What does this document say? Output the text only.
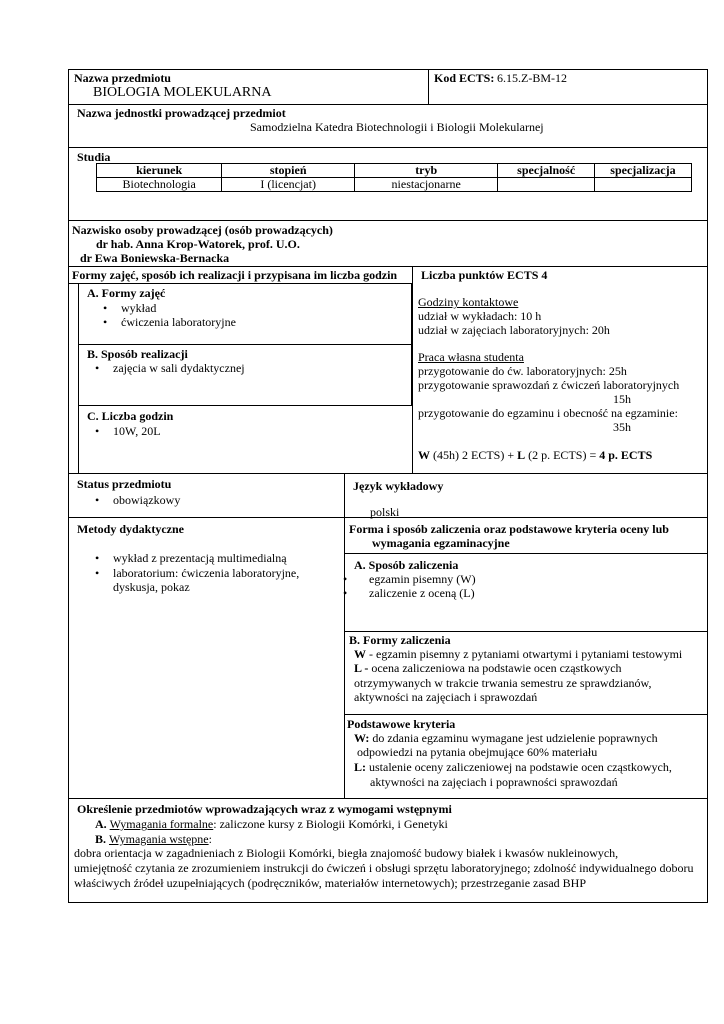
Nazwa przedmiotu
BIOLOGIA MOLEKULARNA
Kod ECTS: 6.15.Z-BM-12
Nazwa jednostki prowadzącej przedmiot
Samodzielna Katedra Biotechnologii i Biologii Molekularnej
Studia
kierunek	stopień	tryb	specjalność	specjalizacja
Biotechnologia	I (licencjat)	niestacjonarne		
Nazwisko osoby prowadzącej (osób prowadzących)
dr hab. Anna Krop-Watorek, prof. U.O.
dr Ewa Boniewska-Bernacka
Formy zajęć, sposób ich realizacji i przypisana im liczba godzin
A. Formy zajęć
• wykład
• ćwiczenia laboratoryjne
B. Sposób realizacji
• zajęcia w sali dydaktycznej
C. Liczba godzin
• 10W, 20L
Liczba punktów ECTS 4
Godziny kontaktowe
udział w wykładach: 10 h
udział w zajęciach laboratoryjnych: 20h
Praca własna studenta
przygotowanie do ćw. laboratoryjnych: 25h
przygotowanie sprawozdań z ćwiczeń laboratoryjnych
15h
przygotowanie do egzaminu i obecność na egzaminie:
35h
W (45h) 2 ECTS) + L (2 p. ECTS) = 4 p. ECTS
Status przedmiotu
• obowiązkowy
Język wykładowy
polski
Metody dydaktyczne
• wykład z prezentacją multimedialną
• laboratorium: ćwiczenia laboratoryjne,
dyskusja, pokaz
Forma i sposób zaliczenia oraz podstawowe kryteria oceny lub
wymagania egzaminacyjne
A. Sposób zaliczenia
• egzamin pisemny (W)
• zaliczenie z oceną (L)
B. Formy zaliczenia
W - egzamin pisemny z pytaniami otwartymi i pytaniami testowymi
L - ocena zaliczeniowa na podstawie ocen cząstkowych
otrzymywanych w trakcie trwania semestru ze sprawdzianów,
aktywności na zajęciach i sprawozdań
Podstawowe kryteria
W: do zdania egzaminu wymagane jest udzielenie poprawnych
odpowiedzi na pytania obejmujące 60% materiału
L: ustalenie oceny zaliczeniowej na podstawie ocen cząstkowych,
aktywności na zajęciach i poprawności sprawozdań
Określenie przedmiotów wprowadzających wraz z wymogami wstępnymi
A. Wymagania formalne: zaliczone kursy z Biologii Komórki, i Genetyki
B. Wymagania wstępne:
dobra orientacja w zagadnieniach z Biologii Komórki, biegła znajomość budowy białek i kwasów nukleinowych,
umiejętność czytania ze zrozumieniem instrukcji do ćwiczeń i obsługi sprzętu laboratoryjnego; zdolność indywidualnego doboru
właściwych źródeł uzupełniających (podręczników, materiałów internetowych); przestrzeganie zasad BHP
